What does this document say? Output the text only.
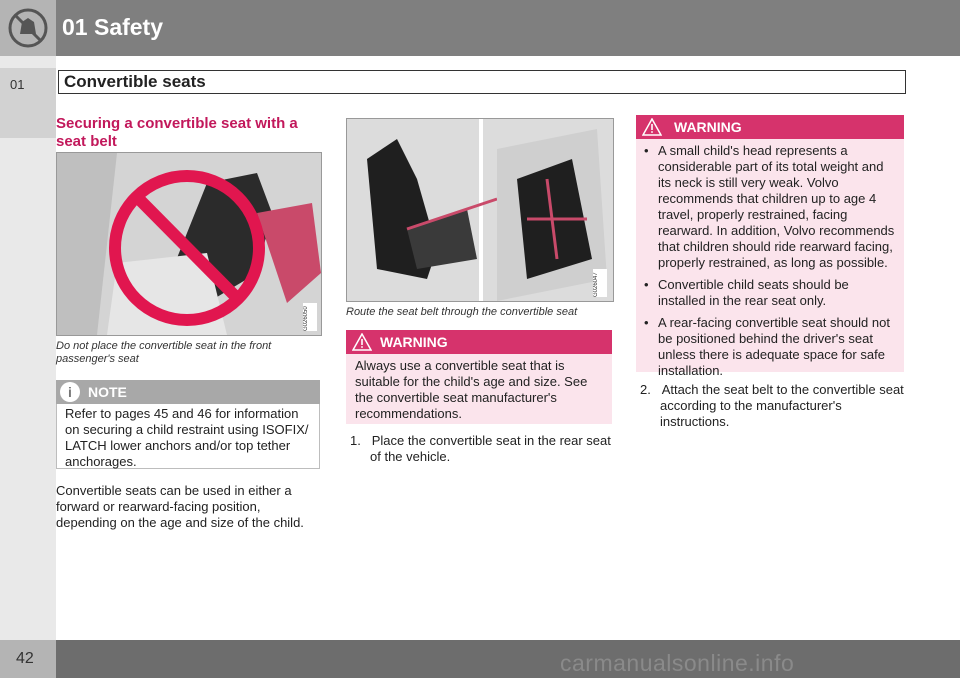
01 Safety
01 Convertible seats
Securing a convertible seat with a seat belt
G026050
Do not place the convertible seat in the front passenger's seat
i	NOTE
Refer to pages 45 and 46 for information on securing a child restraint using ISOFIX/ LATCH lower anchors and/or top tether anchorages.
Convertible seats can be used in either a forward or rearward-facing position, depending on the age and size of the child.
G026047
Route the seat belt through the convertible seat
WARNING
Always use a convertible seat that is suitable for the child's age and size. See the convertible seat manufacturer's recommendations.
1. Place the convertible seat in the rear seat of the vehicle.
WARNING
• A small child's head represents a considerable part of its total weight and its neck is still very weak. Volvo recommends that children up to age 4 travel, properly restrained, facing rearward. In addition, Volvo recommends that children should ride rearward facing, properly restrained, as long as possible.
• Convertible child seats should be installed in the rear seat only.
• A rear-facing convertible seat should not be positioned behind the driver's seat unless there is adequate space for safe installation.
2. Attach the seat belt to the convertible seat according to the manufacturer's instructions.
42	carmanualsonline.info
